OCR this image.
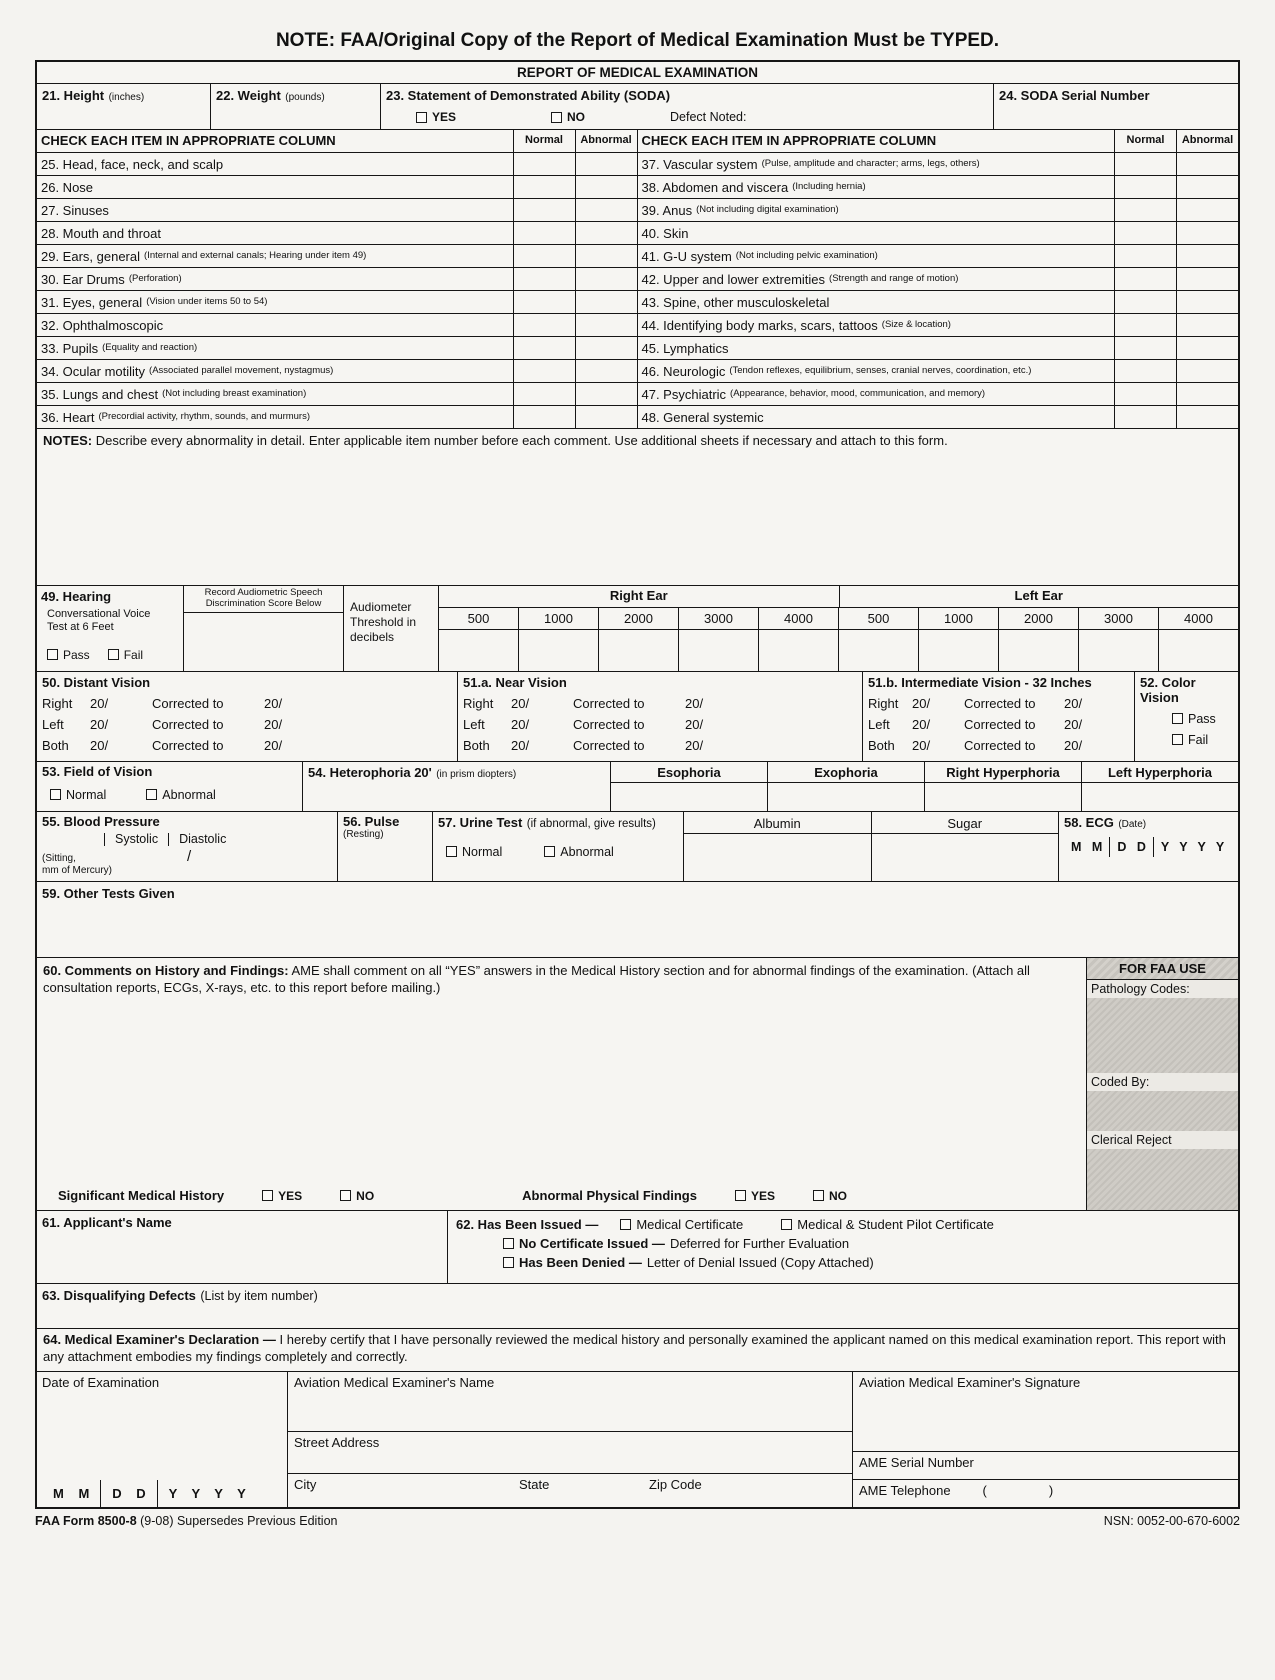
NOTE: FAA/Original Copy of the Report of Medical Examination Must be TYPED.
REPORT OF MEDICAL EXAMINATION
21. Height (inches)	22. Weight (pounds)	23. Statement of Demonstrated Ability (SODA)
YES	NO	Defect Noted:
24. SODA Serial Number
CHECK EACH ITEM IN APPROPRIATE COLUMN	Normal	Abnormal
25. Head, face, neck, and scalp
26. Nose
27. Sinuses
28. Mouth and throat
29. Ears, general (Internal and external canals; Hearing under item 49)
30. Ear Drums (Perforation)
31. Eyes, general (Vision under items 50 to 54)
32. Ophthalmoscopic
33. Pupils (Equality and reaction)
34. Ocular motility (Associated parallel movement, nystagmus)
35. Lungs and chest (Not including breast examination)
36. Heart (Precordial activity, rhythm, sounds, and murmurs)
CHECK EACH ITEM IN APPROPRIATE COLUMN	Normal	Abnormal
37. Vascular system (Pulse, amplitude and character; arms, legs, others)
38. Abdomen and viscera (Including hernia)
39. Anus (Not including digital examination)
40. Skin
41. G-U system (Not including pelvic examination)
42. Upper and lower extremities (Strength and range of motion)
43. Spine, other musculoskeletal
44. Identifying body marks, scars, tattoos (Size & location)
45. Lymphatics
46. Neurologic (Tendon reflexes, equilibrium, senses, cranial nerves, coordination, etc.)
47. Psychiatric (Appearance, behavior, mood, communication, and memory)
48. General systemic
NOTES: Describe every abnormality in detail. Enter applicable item number before each comment. Use additional sheets if necessary and attach to this form.
49. Hearing
Conversational Voice Test at 6 Feet
Pass	Fail
Record Audiometric Speech Discrimination Score Below	Audiometer Threshold in decibels
Right Ear	Left Ear
500	1000	2000	3000	4000	500	1000	2000	3000	4000
50. Distant Vision
Right	20/	Corrected to	20/
Left	20/	Corrected to	20/
Both	20/	Corrected to	20/
51.a. Near Vision
Right	20/	Corrected to	20/
Left	20/	Corrected to	20/
Both	20/	Corrected to	20/
51.b. Intermediate Vision - 32 Inches
Right	20/	Corrected to	20/
Left	20/	Corrected to	20/
Both	20/	Corrected to	20/
52. Color Vision
Pass
Fail
53. Field of Vision
Normal	Abnormal
54. Heterophoria 20' (in prism diopters)	Esophoria	Exophoria	Right Hyperphoria	Left Hyperphoria
55. Blood Pressure
Systolic Diastolic
(Sitting,
mm of Mercury)
/
56. Pulse
(Resting)
57. Urine Test (if abnormal, give results)
Normal	Abnormal
Albumin	Sugar	58. ECG (Date)
M M	D D	Y Y Y Y
59. Other Tests Given
60. Comments on History and Findings: AME shall comment on all “YES” answers in the Medical History section and for abnormal findings of the examination. (Attach all consultation reports, ECGs, X-rays, etc. to this report before mailing.)
Significant Medical History	YES	NO	Abnormal Physical Findings	YES	NO
FOR FAA USE
Pathology Codes:
Coded By:
Clerical Reject
61. Applicant's Name	62. Has Been Issued —	Medical Certificate	Medical & Student Pilot Certificate
No Certificate Issued — Deferred for Further Evaluation
Has Been Denied — Letter of Denial Issued (Copy Attached)
63. Disqualifying Defects (List by item number)
64. Medical Examiner's Declaration — I hereby certify that I have personally reviewed the medical history and personally examined the applicant named on this medical examination report. This report with any attachment embodies my findings completely and correctly.
Date of Examination
M M	D D	Y Y Y Y
Aviation Medical Examiner's Name
Street Address
City	State	Zip Code
Aviation Medical Examiner's Signature
AME Serial Number
AME Telephone (	)
FAA Form 8500-8 (9-08) Supersedes Previous Edition	NSN: 0052-00-670-6002
